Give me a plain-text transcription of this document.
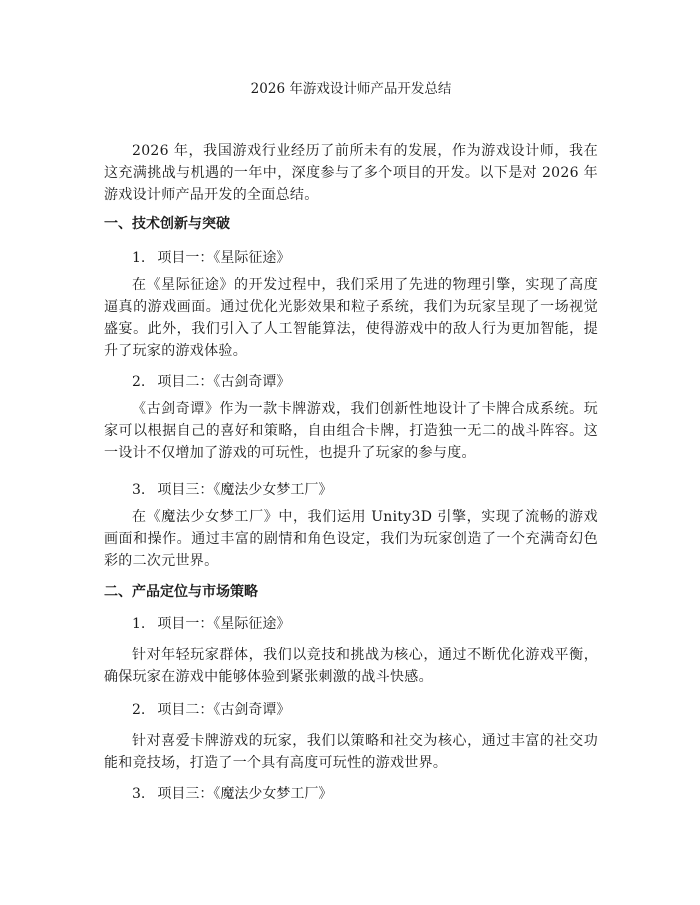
2026 年游戏设计师产品开发总结

2026 年，我国游戏行业经历了前所未有的发展，作为游戏设计师，我在这充满挑战与机遇的一年中，深度参与了多个项目的开发。以下是对 2026 年游戏设计师产品开发的全面总结。

一、技术创新与突破
1. 项目一：《星际征途》

在《星际征途》的开发过程中，我们采用了先进的物理引擎，实现了高度逼真的游戏画面。通过优化光影效果和粒子系统，我们为玩家呈现了一场视觉盛宴。此外，我们引入了人工智能算法，使得游戏中的敌人行为更加智能，提升了玩家的游戏体验。

2. 项目二：《古剑奇谭》

《古剑奇谭》作为一款卡牌游戏，我们创新性地设计了卡牌合成系统。玩家可以根据自己的喜好和策略，自由组合卡牌，打造独一无二的战斗阵容。这一设计不仅增加了游戏的可玩性，也提升了玩家的参与度。

3. 项目三：《魔法少女梦工厂》

在《魔法少女梦工厂》中，我们运用 Unity3D 引擎，实现了流畅的游戏画面和操作。通过丰富的剧情和角色设定，我们为玩家创造了一个充满奇幻色彩的二次元世界。

二、产品定位与市场策略
1. 项目一：《星际征途》

针对年轻玩家群体，我们以竞技和挑战为核心，通过不断优化游戏平衡，确保玩家在游戏中能够体验到紧张刺激的战斗快感。

2. 项目二：《古剑奇谭》

针对喜爱卡牌游戏的玩家，我们以策略和社交为核心，通过丰富的社交功能和竞技场，打造了一个具有高度可玩性的游戏世界。

3. 项目三：《魔法少女梦工厂》
